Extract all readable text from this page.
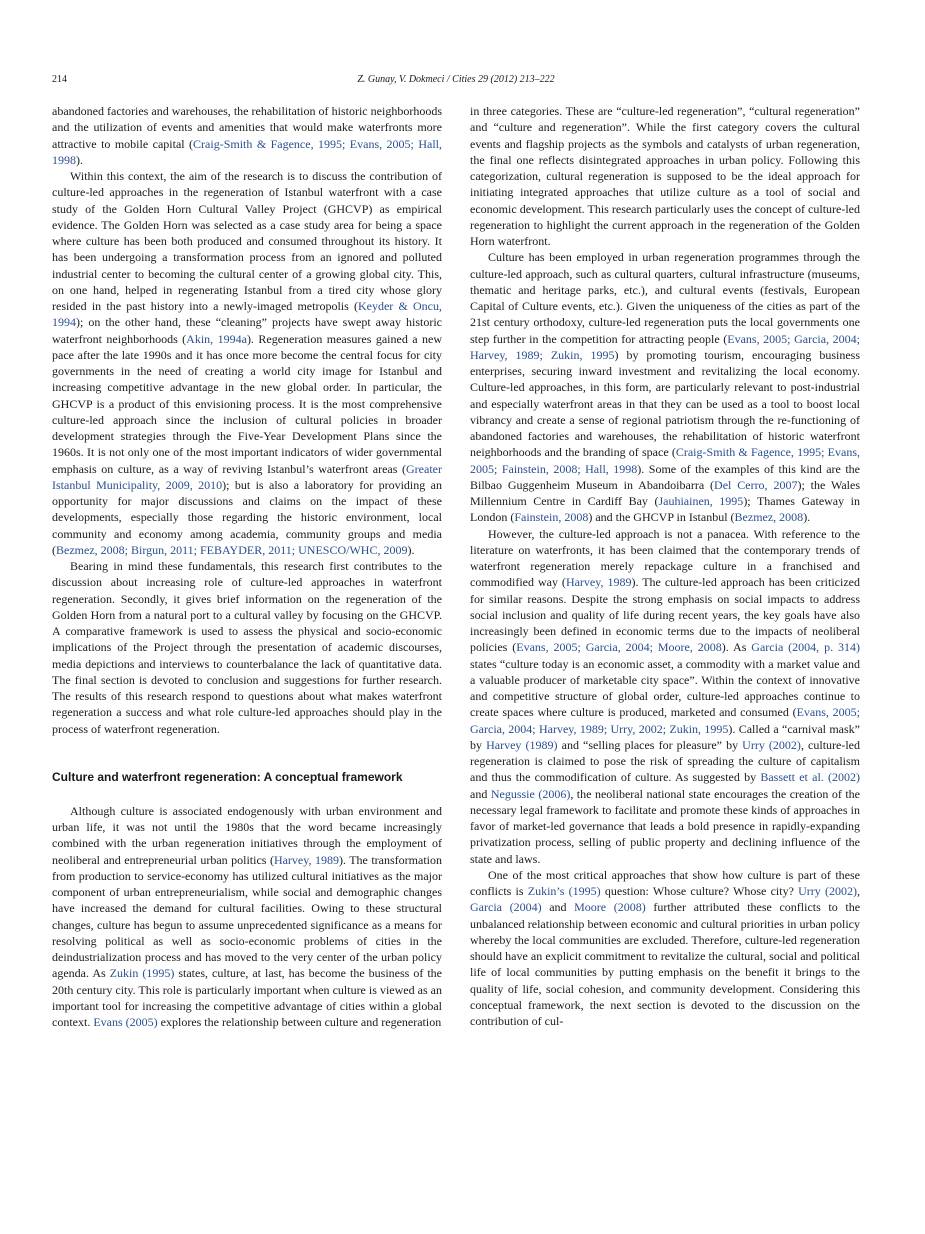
214	Z. Gunay, V. Dokmeci / Cities 29 (2012) 213–222

abandoned factories and warehouses, the rehabilitation of historic neighborhoods and the utilization of events and amenities that would make waterfronts more attractive to mobile capital (Craig-Smith & Fagence, 1995; Evans, 2005; Hall, 1998).

Within this context, the aim of the research is to discuss the contribution of culture-led approaches in the regeneration of Istanbul waterfront with a case study of the Golden Horn Cultural Valley Project (GHCVP) as empirical evidence. The Golden Horn was selected as a case study area for being a space where culture has been both produced and consumed throughout its history. It has been undergoing a transformation process from an ignored and polluted industrial center to becoming the cultural center of a growing global city. This, on one hand, helped in regenerating Istanbul from a tired city whose glory resided in the past history into a newly-imaged metropolis (Keyder & Oncu, 1994); on the other hand, these “cleaning” projects have swept away historic waterfront neighborhoods (Akin, 1994a). Regeneration measures gained a new pace after the late 1990s and it has once more become the central focus for city governments in the need of creating a world city image for Istanbul and increasing competitive advantage in the new global order. In particular, the GHCVP is a product of this envisioning process. It is the most comprehensive culture-led approach since the inclusion of cultural policies in broader development strategies through the Five-Year Development Plans since the 1960s. It is not only one of the most important indicators of wider governmental emphasis on culture, as a way of reviving Istanbul’s waterfront areas (Greater Istanbul Municipality, 2009, 2010); but is also a laboratory for providing an opportunity for major discussions and claims on the impact of these developments, especially those regarding the historic environment, local community and economy among academia, community groups and media (Bezmez, 2008; Birgun, 2011; FEBAYDER, 2011; UNESCO/WHC, 2009).

Bearing in mind these fundamentals, this research first contributes to the discussion about increasing role of culture-led approaches in waterfront regeneration. Secondly, it gives brief information on the regeneration of the Golden Horn from a natural port to a cultural valley by focusing on the GHCVP. A comparative framework is used to assess the physical and socio-economic implications of the Project through the presentation of academic discourses, media depictions and interviews to counterbalance the lack of quantitative data. The final section is devoted to conclusion and suggestions for further research. The results of this research respond to questions about what makes waterfront regeneration a success and what role culture-led approaches should play in the process of waterfront regeneration.

Culture and waterfront regeneration: A conceptual framework

Although culture is associated endogenously with urban environment and urban life, it was not until the 1980s that the word became increasingly combined with the urban regeneration initiatives through the employment of neoliberal and entrepreneurial urban politics (Harvey, 1989). The transformation from production to service-economy has utilized cultural initiatives as the major component of urban entrepreneurialism, while social and demographic changes have increased the demand for cultural facilities. Owing to these structural changes, culture has begun to assume unprecedented significance as a means for resolving political as well as socio-economic problems of cities in the deindustrialization process and has moved to the very center of the urban policy agenda. As Zukin (1995) states, culture, at last, has become the business of the 20th century city. This role is particularly important when culture is viewed as an important tool for increasing the competitive advantage of cities within a global context. Evans (2005) explores the relationship between culture and regeneration

in three categories. These are “culture-led regeneration”, “cultural regeneration” and “culture and regeneration”. While the first category covers the cultural events and flagship projects as the symbols and catalysts of urban regeneration, the final one reflects disintegrated approaches in urban policy. Following this categorization, cultural regeneration is supposed to be the ideal approach for initiating integrated approaches that utilize culture as a tool of social and economic development. This research particularly uses the concept of culture-led regeneration to highlight the current approach in the regeneration of the Golden Horn waterfront.

Culture has been employed in urban regeneration programmes through the culture-led approach, such as cultural quarters, cultural infrastructure (museums, thematic and heritage parks, etc.), and cultural events (festivals, European Capital of Culture events, etc.). Given the uniqueness of the cities as part of the 21st century orthodoxy, culture-led regeneration puts the local governments one step further in the competition for attracting people (Evans, 2005; Garcia, 2004; Harvey, 1989; Zukin, 1995) by promoting tourism, encouraging business enterprises, securing inward investment and revitalizing the local economy. Culture-led approaches, in this form, are particularly relevant to post-industrial and especially waterfront areas in that they can be used as a tool to boost local vibrancy and create a sense of regional patriotism through the re-functioning of abandoned factories and warehouses, the rehabilitation of historic waterfront neighborhoods and the branding of space (Craig-Smith & Fagence, 1995; Evans, 2005; Fainstein, 2008; Hall, 1998). Some of the examples of this kind are the Bilbao Guggenheim Museum in Abandoibarra (Del Cerro, 2007); the Wales Millennium Centre in Cardiff Bay (Jauhiainen, 1995); Thames Gateway in London (Fainstein, 2008) and the GHCVP in Istanbul (Bezmez, 2008).

However, the culture-led approach is not a panacea. With reference to the literature on waterfronts, it has been claimed that the contemporary trends of waterfront regeneration merely repackage culture in a franchised and commodified way (Harvey, 1989). The culture-led approach has been criticized for similar reasons. Despite the strong emphasis on social impacts to address social inclusion and quality of life during recent years, the key goals have also increasingly been defined in economic terms due to the impacts of neoliberal policies (Evans, 2005; Garcia, 2004; Moore, 2008). As Garcia (2004, p. 314) states “culture today is an economic asset, a commodity with a market value and a valuable producer of marketable city space”. Within the context of innovative and competitive structure of global order, culture-led approaches continue to create spaces where culture is produced, marketed and consumed (Evans, 2005; Garcia, 2004; Harvey, 1989; Urry, 2002; Zukin, 1995). Called a “carnival mask” by Harvey (1989) and “selling places for pleasure” by Urry (2002), culture-led regeneration is claimed to pose the risk of spreading the culture of capitalism and thus the commodification of culture. As suggested by Bassett et al. (2002) and Negussie (2006), the neoliberal national state encourages the creation of the necessary legal framework to facilitate and promote these kinds of approaches in favor of market-led governance that leads a bold presence in rapidly-expanding privatization process, selling of public property and declining influence of the state and laws.

One of the most critical approaches that show how culture is part of these conflicts is Zukin’s (1995) question: Whose culture? Whose city? Urry (2002), Garcia (2004) and Moore (2008) further attributed these conflicts to the unbalanced relationship between economic and cultural priorities in urban policy whereby the local communities are excluded. Therefore, culture-led regeneration should have an explicit commitment to revitalize the cultural, social and political life of local communities by putting emphasis on the benefit it brings to the quality of life, social cohesion, and community development. Considering this conceptual framework, the next section is devoted to the discussion on the contribution of cul-
